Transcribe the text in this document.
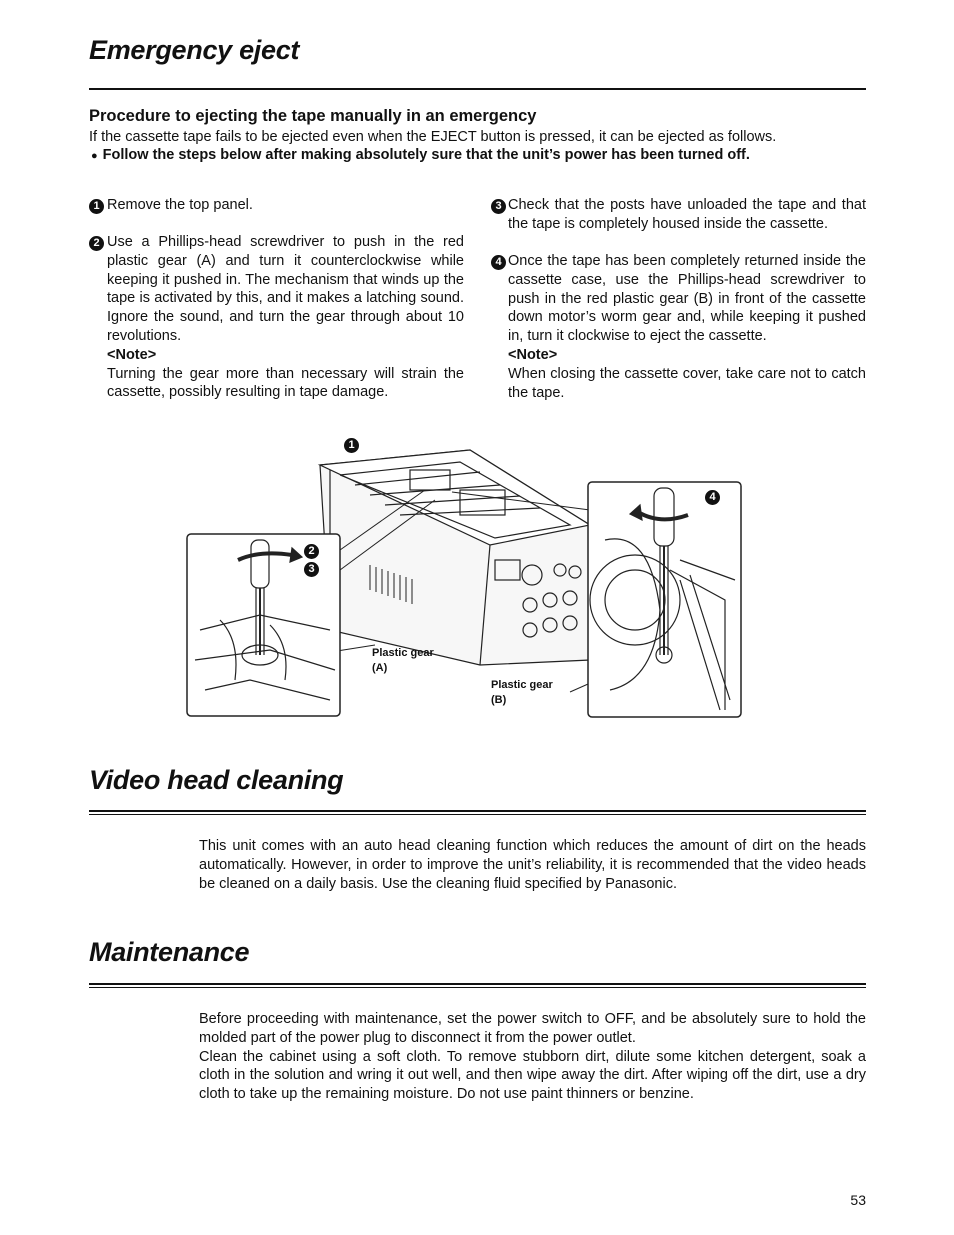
Emergency eject
Procedure to ejecting the tape manually in an emergency
If the cassette tape fails to be ejected even when the EJECT button is pressed, it can be ejected as follows.
● Follow the steps below after making absolutely sure that the unit’s power has been turned off.
1 Remove the top panel.
2 Use a Phillips-head screwdriver to push in the red plastic gear (A) and turn it counterclockwise while keeping it pushed in. The mechanism that winds up the tape is activated by this, and it makes a latching sound. Ignore the sound, and turn the gear through about 10 revolutions.
<Note>
Turning the gear more than necessary will strain the cassette, possibly resulting in tape damage.
3 Check that the posts have unloaded the tape and that the tape is completely housed inside the cassette.
4 Once the tape has been completely returned inside the cassette case, use the Phillips-head screwdriver to push in the red plastic gear (B) in front of the cassette down motor’s worm gear and, while keeping it pushed in, turn it clockwise to eject the cassette.
<Note>
When closing the cassette cover, take care not to catch the tape.
1
2
3
4
Plastic gear
(A)
Plastic gear
(B)
Video head cleaning
This unit comes with an auto head cleaning function which reduces the amount of dirt on the heads automatically. However, in order to improve the unit’s reliability, it is recommended that the video heads be cleaned on a daily basis. Use the cleaning fluid specified by Panasonic.
Maintenance
Before proceeding with maintenance, set the power switch to OFF, and be absolutely sure to hold the molded part of the power plug to disconnect it from the power outlet.
Clean the cabinet using a soft cloth. To remove stubborn dirt, dilute some kitchen detergent, soak a cloth in the solution and wring it out well, and then wipe away the dirt. After wiping off the dirt, use a dry cloth to take up the remaining moisture. Do not use paint thinners or benzine.
53
